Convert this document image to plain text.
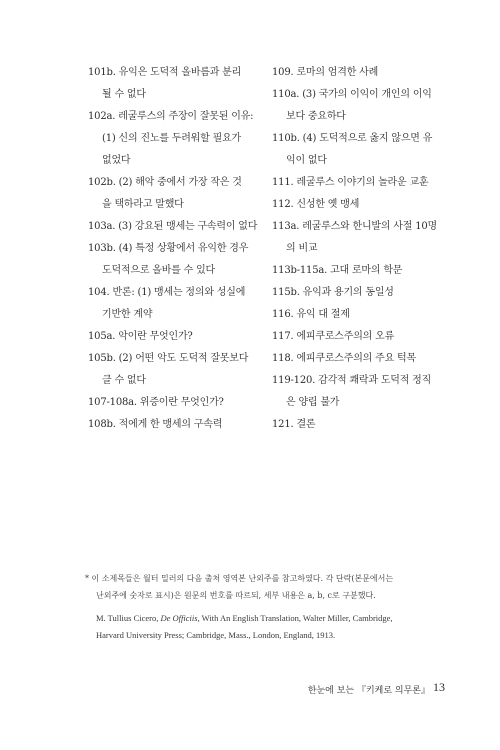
101b. 유익은 도덕적 올바름과 분리

될 수 없다

102a. 레굴루스의 주장이 잘못된 이유:

(1) 신의 진노를 두려워할 필요가

없었다

102b. (2) 해악 중에서 가장 작은 것

을 택하라고 말했다

103a. (3) 강요된 맹세는 구속력이 없다

103b. (4) 특정 상황에서 유익한 경우

도덕적으로 올바를 수 있다

104. 반론: (1) 맹세는 정의와 성실에

기반한 계약

105a. 악이란 무엇인가?

105b. (2) 어떤 악도 도덕적 잘못보다

클 수 없다

107-108a. 위증이란 무엇인가?

108b. 적에게 한 맹세의 구속력

109. 로마의 엄격한 사례

110a. (3) 국가의 이익이 개인의 이익

보다 중요하다

110b. (4) 도덕적으로 옳지 않으면 유

익이 없다

111. 레굴루스 이야기의 놀라운 교훈

112. 신성한 옛 맹세

113a. 레굴루스와 한니발의 사절 10명

의 비교

113b-115a. 고대 로마의 학문

115b. 유익과 용기의 동일성

116. 유익 대 절제

117. 에피쿠로스주의의 오류

118. 에피쿠로스주의의 주요 턱목

119-120. 감각적 쾌락과 도덕적 정직

은 양립 불가

121. 결론

* 이 소제목들은 월터 밀러의 다음 출처 영역본 난외주를 참고하였다. 각 단락(본문에서는

난외주에 숫자로 표시)은 원문의 번호를 따르되, 세부 내용은 a, b, c로 구분했다.

M. Tullius Cicero, De Officiis, With An English Translation, Walter Miller, Cambridge,

Harvard University Press; Cambridge, Mass., London, England, 1913.

한눈에 보는 『키케로 의무론』 13
